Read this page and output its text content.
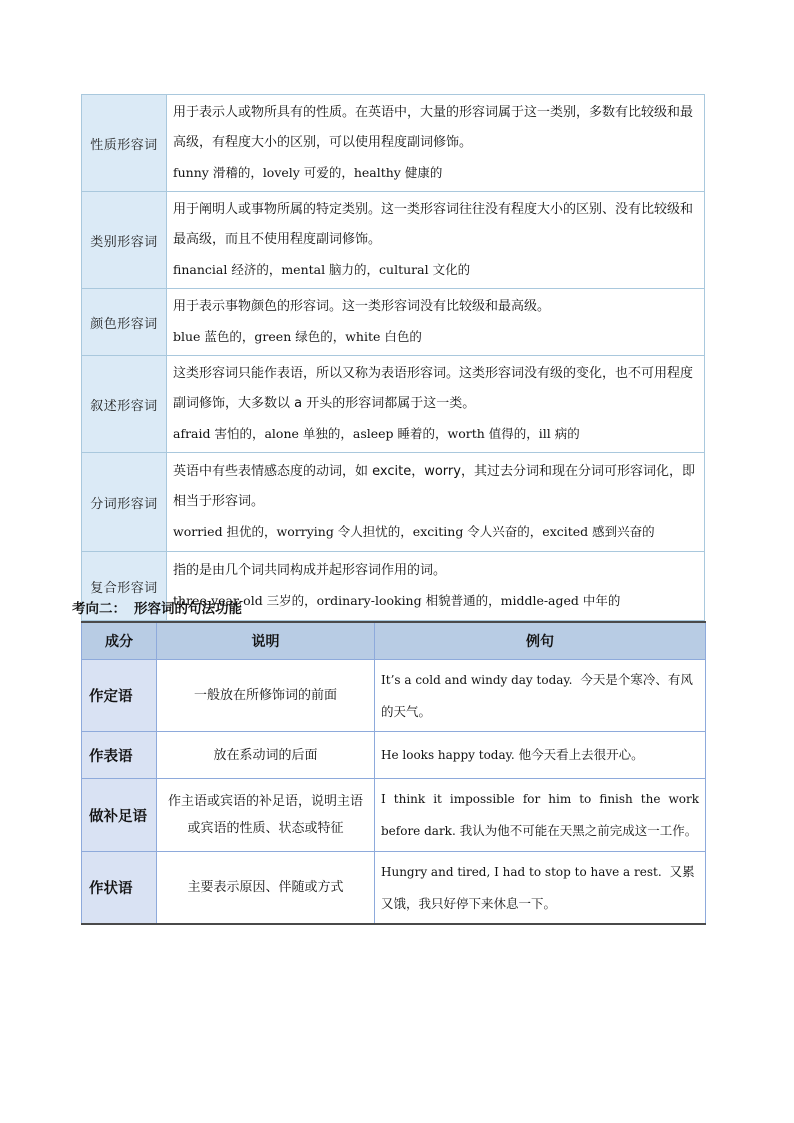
性质形容词	用于表示人或物所具有的性质。在英语中，大量的形容词属于这一类别，多数有比较级和最高级，有程度大小的区别，可以使用程度副词修饰。
funny 滑稽的，lovely 可爱的，healthy 健康的

类别形容词	用于阐明人或事物所属的特定类别。这一类形容词往往没有程度大小的区别、没有比较级和最高级，而且不使用程度副词修饰。
financial 经济的，mental 脑力的，cultural 文化的

颜色形容词	用于表示事物颜色的形容词。这一类形容词没有比较级和最高级。
blue 蓝色的，green 绿色的，white 白色的

叙述形容词	这类形容词只能作表语，所以又称为表语形容词。这类形容词没有级的变化，也不可用程度副词修饰，大多数以 a 开头的形容词都属于这一类。
afraid 害怕的，alone 单独的，asleep 睡着的，worth 值得的，ill 病的

分词形容词	英语中有些表情感态度的动词，如 excite，worry，其过去分词和现在分词可形容词化，即相当于形容词。
worried 担优的，worrying 令人担忧的，exciting 令人兴奋的，excited 感到兴奋的

复合形容词	指的是由几个词共同构成并起形容词作用的词。
three-year-old 三岁的，ordinary-looking 相貌普通的，middle-aged 中年的
考向二： 形容词的句法功能
成分	说明	例句
作定语	一般放在所修饰词的前面	It’s a cold and windy day today. 今天是个寒冷、有风的天气。
作表语	放在系动词的后面	He looks happy today. 他今天看上去很开心。
做补足语	作主语或宾语的补足语，说明主语或宾语的性质、状态或特征	I think it impossible for him to finish the work before dark. 我认为他不可能在天黑之前完成这一工作。
作状语	主要表示原因、伴随或方式	Hungry and tired, I had to stop to have a rest. 又累又饿，我只好停下来休息一下。
